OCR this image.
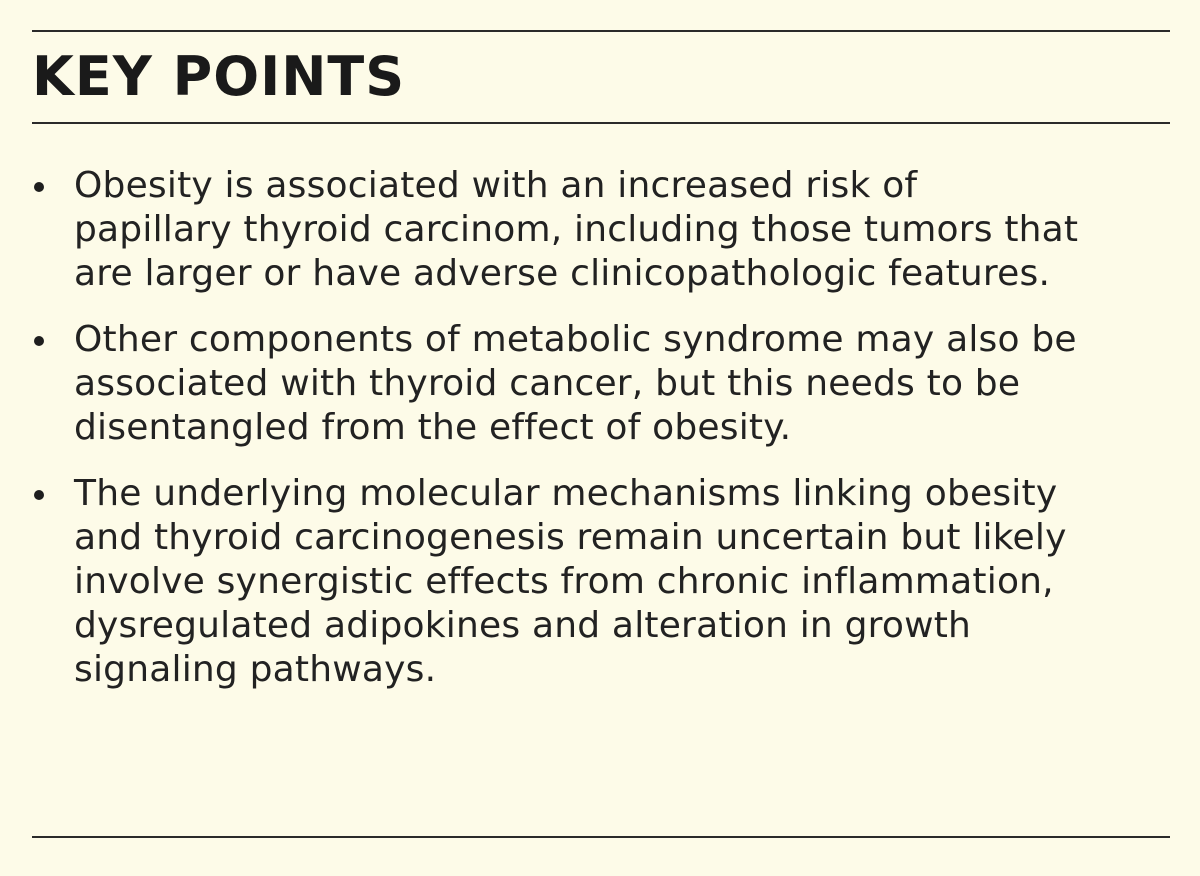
KEY POINTS
Obesity is associated with an increased risk of
papillary thyroid carcinom, including those tumors that
are larger or have adverse clinicopathologic features.
Other components of metabolic syndrome may also be
associated with thyroid cancer, but this needs to be
disentangled from the effect of obesity.
The underlying molecular mechanisms linking obesity
and thyroid carcinogenesis remain uncertain but likely
involve synergistic effects from chronic inflammation,
dysregulated adipokines and alteration in growth
signaling pathways.
